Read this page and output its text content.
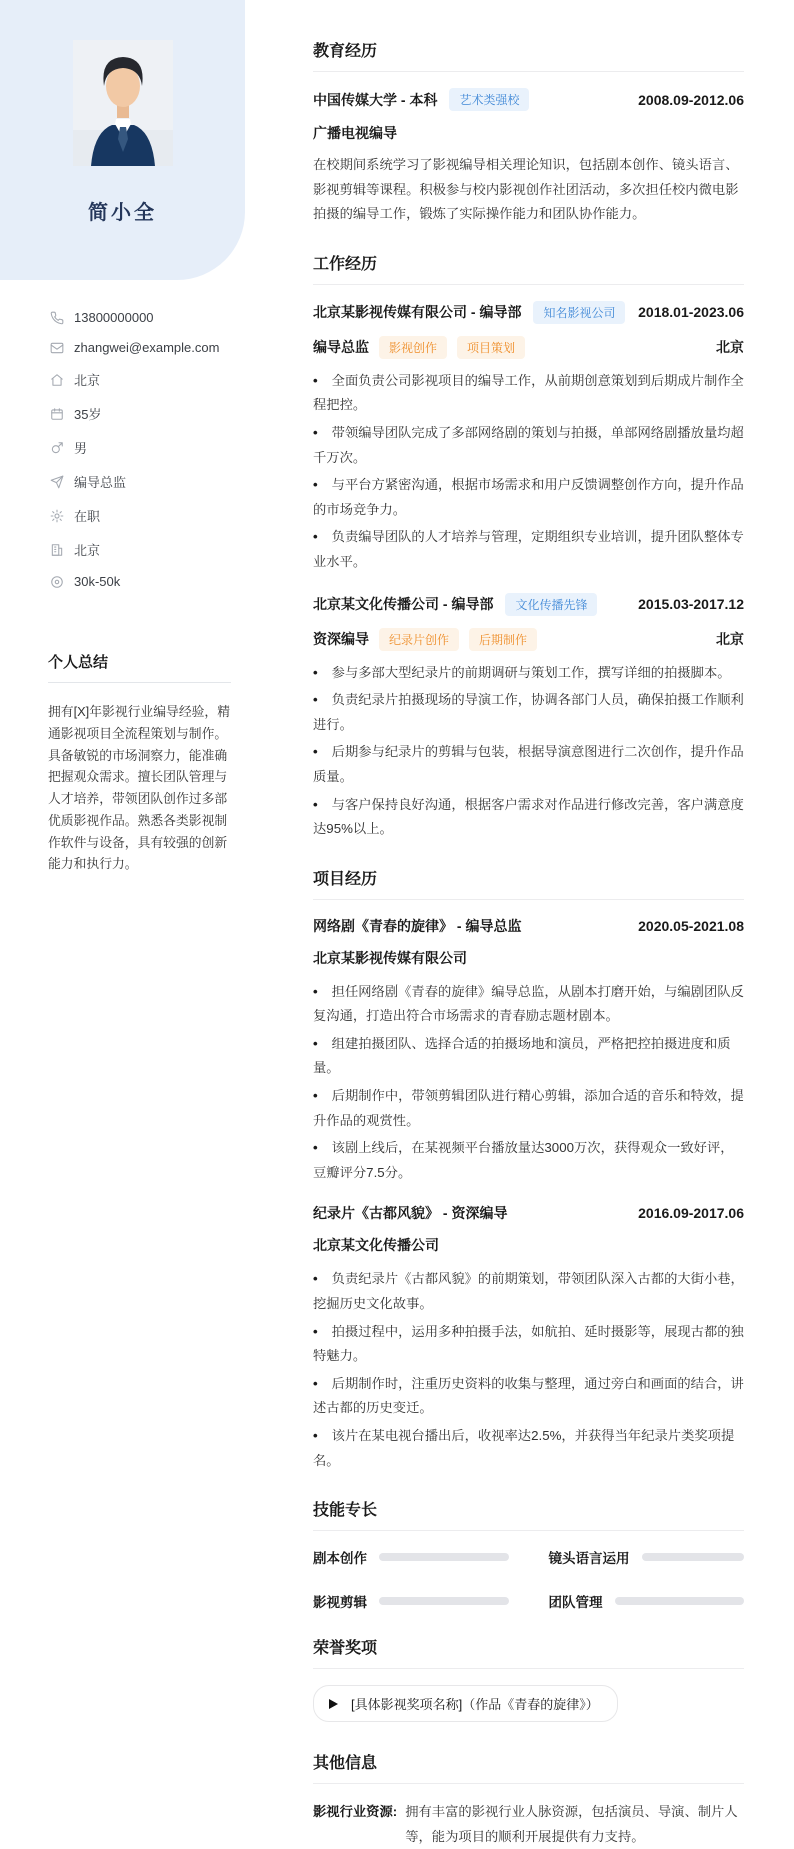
简小全
13800000000
zhangwei@example.com
北京
35岁
男
编导总监
在职
北京
30k-50k
个人总结

拥有[X]年影视行业编导经验，精通影视项目全流程策划与制作。具备敏锐的市场洞察力，能准确把握观众需求。擅长团队管理与人才培养，带领团队创作过多部优质影视作品。熟悉各类影视制作软件与设备，具有较强的创新能力和执行力。

教育经历
中国传媒大学 - 本科	艺术类强校	2008.09-2012.06
广播电视编导

在校期间系统学习了影视编导相关理论知识，包括剧本创作、镜头语言、影视剪辑等课程。积极参与校内影视创作社团活动，多次担任校内微电影拍摄的编导工作，锻炼了实际操作能力和团队协作能力。

工作经历
北京某影视传媒有限公司 - 编导部	知名影视公司	2018.01-2023.06
编导总监	影视创作	项目策划	北京
• 全面负责公司影视项目的编导工作，从前期创意策划到后期成片制作全程把控。
• 带领编导团队完成了多部网络剧的策划与拍摄，单部网络剧播放量均超千万次。
• 与平台方紧密沟通，根据市场需求和用户反馈调整创作方向，提升作品的市场竞争力。
• 负责编导团队的人才培养与管理，定期组织专业培训，提升团队整体专业水平。
北京某文化传播公司 - 编导部	文化传播先锋	2015.03-2017.12
资深编导	纪录片创作	后期制作	北京
• 参与多部大型纪录片的前期调研与策划工作，撰写详细的拍摄脚本。
• 负责纪录片拍摄现场的导演工作，协调各部门人员，确保拍摄工作顺利进行。
• 后期参与纪录片的剪辑与包装，根据导演意图进行二次创作，提升作品质量。
• 与客户保持良好沟通，根据客户需求对作品进行修改完善，客户满意度达95%以上。
项目经历
网络剧《青春的旋律》 - 编导总监	2020.05-2021.08
北京某影视传媒有限公司
• 担任网络剧《青春的旋律》编导总监，从剧本打磨开始，与编剧团队反复沟通，打造出符合市场需求的青春励志题材剧本。
• 组建拍摄团队、选择合适的拍摄场地和演员，严格把控拍摄进度和质量。
• 后期制作中，带领剪辑团队进行精心剪辑，添加合适的音乐和特效，提升作品的观赏性。
• 该剧上线后，在某视频平台播放量达3000万次，获得观众一致好评，豆瓣评分7.5分。
纪录片《古都风貌》 - 资深编导	2016.09-2017.06
北京某文化传播公司
• 负责纪录片《古都风貌》的前期策划，带领团队深入古都的大街小巷，挖掘历史文化故事。
• 拍摄过程中，运用多种拍摄手法，如航拍、延时摄影等，展现古都的独特魅力。
• 后期制作时，注重历史资料的收集与整理，通过旁白和画面的结合，讲述古都的历史变迁。
• 该片在某电视台播出后，收视率达2.5%，并获得当年纪录片类奖项提名。
技能专长
剧本创作	镜头语言运用
影视剪辑	团队管理
荣誉奖项
[具体影视奖项名称]（作品《青春的旋律》）
其他信息
影视行业资源: 拥有丰富的影视行业人脉资源，包括演员、导演、制片人等，能为项目的顺利开展提供有力支持。
